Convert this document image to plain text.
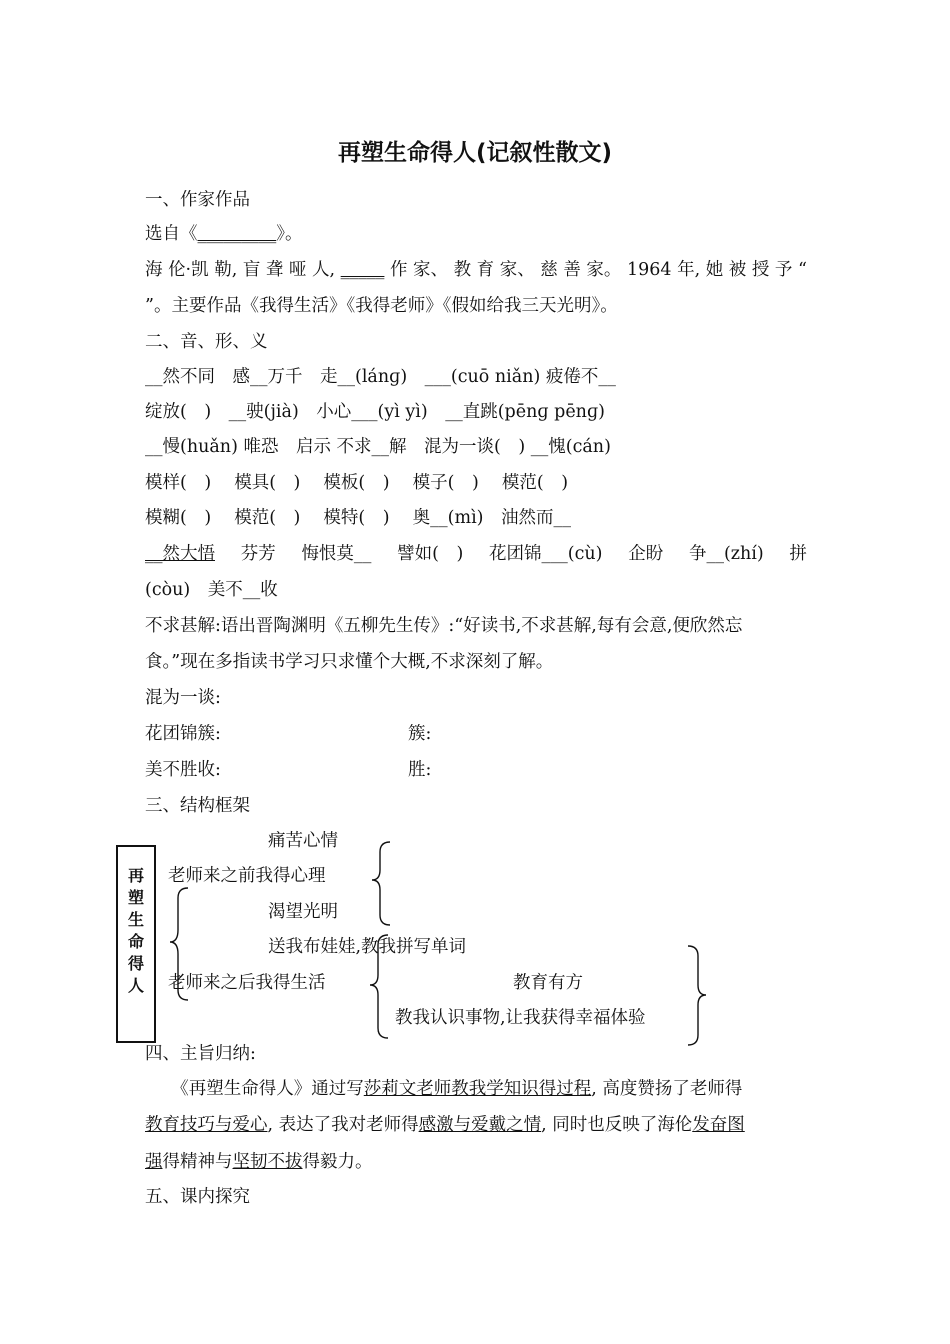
再塑生命得人(记叙性散文)
一、作家作品
选自《_________》。
海 伦·凯 勒, 盲 聋 哑 人, _____ 作 家、 教 育 家、 慈 善 家。 1964 年, 她 被 授 予 “
”。主要作品《我得生活》《我得老师》《假如给我三天光明》。
二、音、形、义
__然不同　感__万千　走__(lánɡ)　___(cuō niǎn) 疲倦不__
绽放(　)　__驶(jià)　小心___(yì yì)　__直跳(pēnɡ pēnɡ)
__慢(huǎn) 唯恐　启示 不求__解　混为一谈(　) __愧(cán)
模样(　)　 模具(　)　 模板(　)　 模子(　)　 模范(　)
模糊(　)　 模范(　)　 模特(　)　 奥__(mì)　油然而__
__然大悟 芬芳 悔恨莫__ 譬如(　) 花团锦___(cù) 企盼 争__(zhí) 拼
(còu)　美不__收
不求甚解:语出晋陶渊明《五柳先生传》:“好读书,不求甚解,每有会意,便欣然忘
食。”现在多指读书学习只求懂个大概,不求深刻了解。
混为一谈:
花团锦簇:	簇:
美不胜收:	胜:
三、结构框架
再
塑
生
命
得
人
痛苦心情
老师来之前我得心理
渴望光明
送我布娃娃,教我拼写单词
老师来之后我得生活	教育有方
教我认识事物,让我获得幸福体验
四、主旨归纳:
　　《再塑生命得人》通过写莎莉文老师教我学知识得过程, 高度赞扬了老师得
教育技巧与爱心, 表达了我对老师得感激与爱戴之情, 同时也反映了海伦发奋图
强得精神与坚韧不拔得毅力。
五、课内探究
